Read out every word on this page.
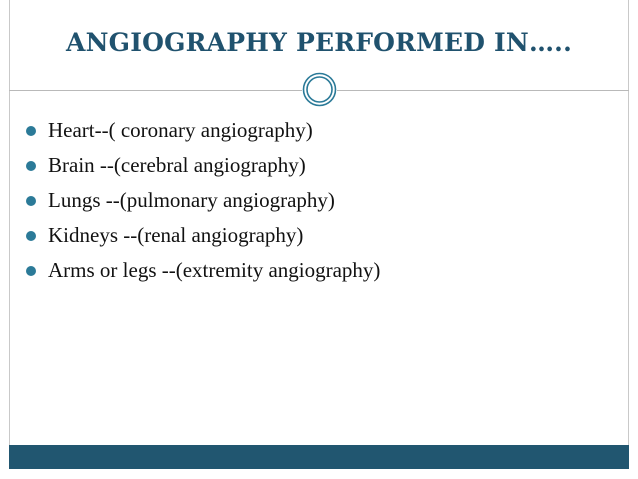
ANGIOGRAPHY PERFORMED IN…..
Heart--( coronary angiography)
Brain --(cerebral angiography)
Lungs --(pulmonary angiography)
Kidneys --(renal angiography)
Arms or legs --(extremity angiography)
